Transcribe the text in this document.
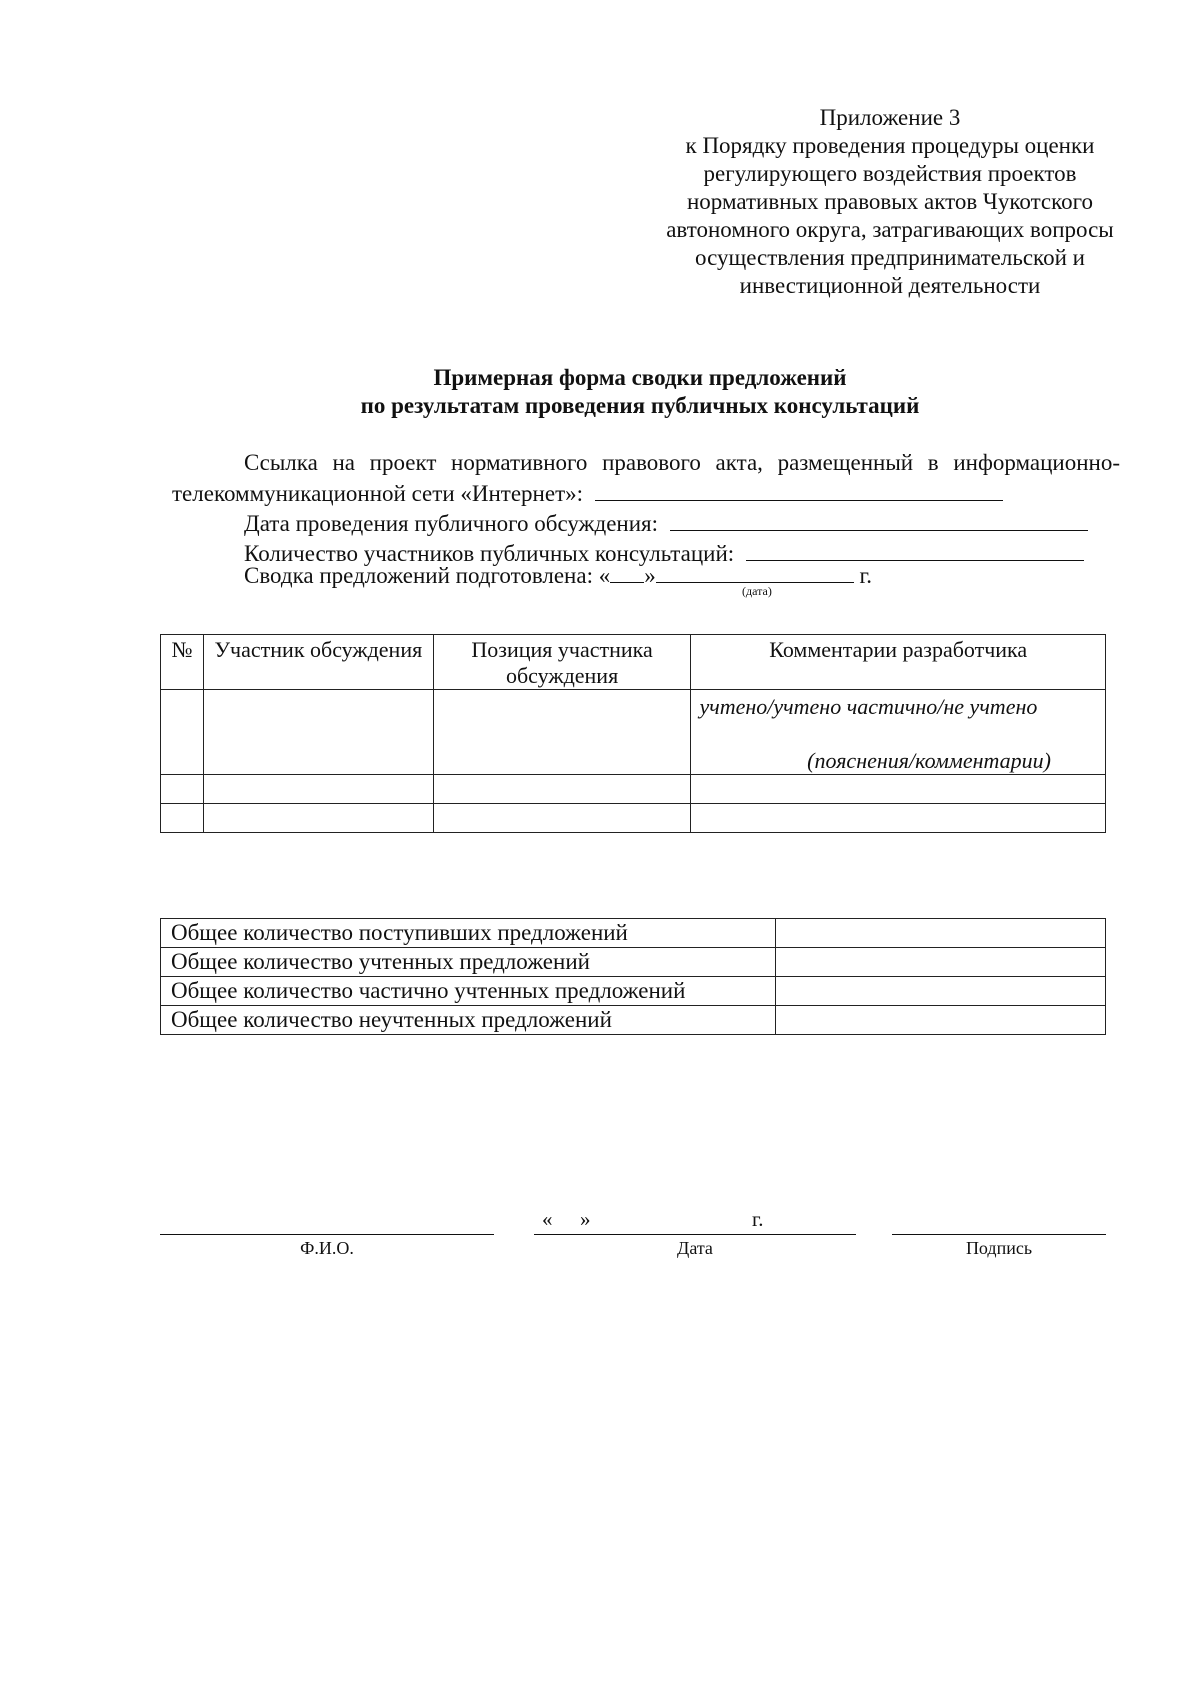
Приложение 3
к Порядку проведения процедуры оценки
регулирующего воздействия проектов
нормативных правовых актов Чукотского
автономного округа, затрагивающих вопросы
осуществления предпринимательской и
инвестиционной деятельности
Примерная форма сводки предложений
по результатам проведения публичных консультаций
Ссылка на проект нормативного правового акта, размещенный в информационно-
телекоммуникационной сети «Интернет»:
Дата проведения публичного обсуждения:
Количество участников публичных консультаций:
Сводка предложений подготовлена: « »	г.
(дата)
№	Участник обсуждения	Позиция участника обсуждения	Комментарии разработчика

			учтено/учтено частично/не учтено
(пояснения/комментарии)

Общее количество поступивших предложений	
Общее количество учтенных предложений	
Общее количество частично учтенных предложений	
Общее количество неучтенных предложений	
Ф.И.О.
« »	г.
Дата	Подпись
